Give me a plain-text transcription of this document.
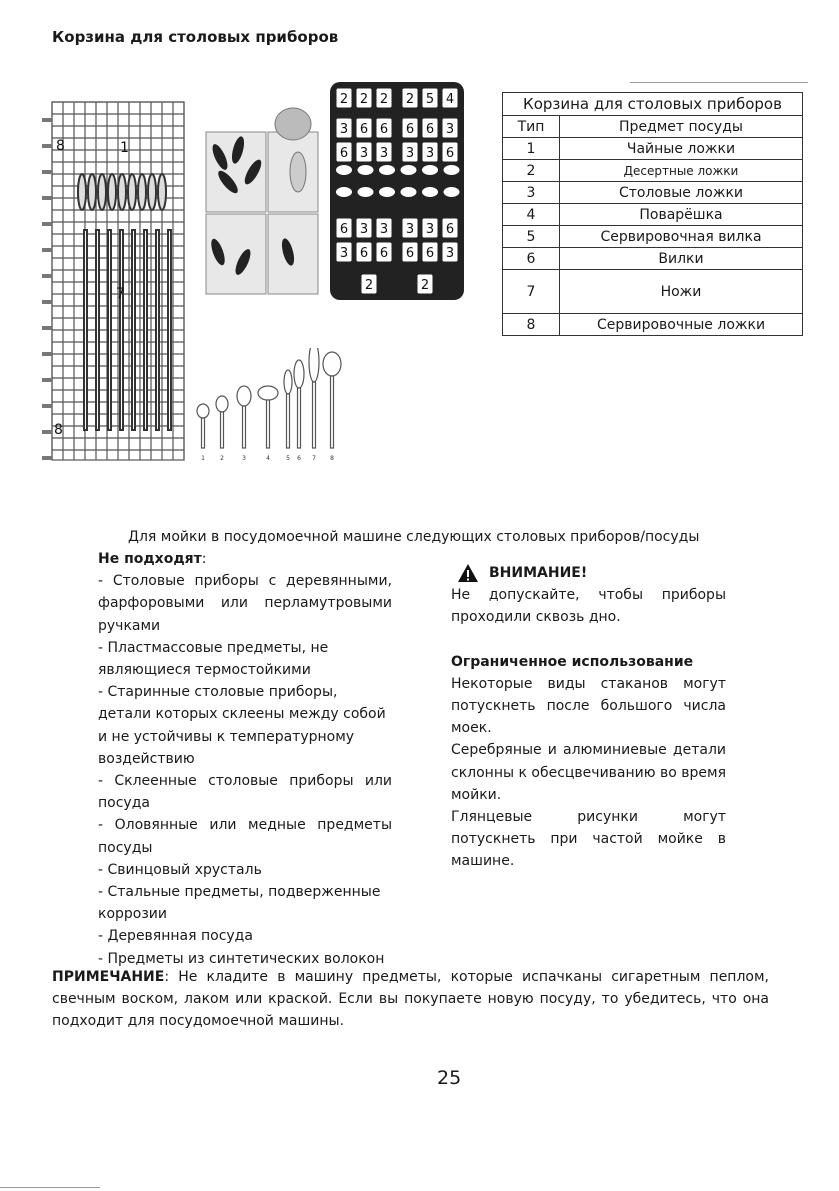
Корзина для столовых приборов
8	1
7
8
2 2 2 2 5 4
3 6 6 6 6 3
6 3 3 3 3 6
6 3 3 3 3 6
3 6 6 6 6 3
2	2
1	2	3	4	5 6 7 8
Корзина для столовых приборов	
Тип	Предмет посуды
1	Чайные ложки
2	Десертные ложки
3	Столовые ложки
4	Поварёшка
5	Сервировочная вилка
6	Вилки
7	Ножи
8	Сервировочные ложки
Для мойки в посудомоечной машине следующих столовых приборов/посуды

Не подходят:

- Столовые приборы с деревянными, фарфоровыми или перламутровыми ручками

- Пластмассовые предметы, не являющиеся термостойкими

- Старинные столовые приборы, детали которых склеены между собой и не устойчивы к температурному воздействию

- Склеенные столовые приборы или посуда

- Оловянные или медные предметы посуды

- Свинцовый хрусталь

- Стальные предметы, подверженные коррозии

- Деревянная посуда

- Предметы из синтетических волокон

ВНИМАНИЕ!

Не допускайте, чтобы приборы проходили сквозь дно.

Ограниченное использование

Некоторые виды стаканов могут потускнеть после большого числа моек.

Серебряные и алюминиевые детали склонны к обесцвечиванию во время мойки.

Глянцевые рисунки могут потускнеть при частой мойке в машине.

ПРИМЕЧАНИЕ: Не кладите в машину предметы, которые испачканы сигаретным пеплом, свечным воском, лаком или краской. Если вы покупаете новую посуду, то убедитесь, что она подходит для посудомоечной машины.

25
